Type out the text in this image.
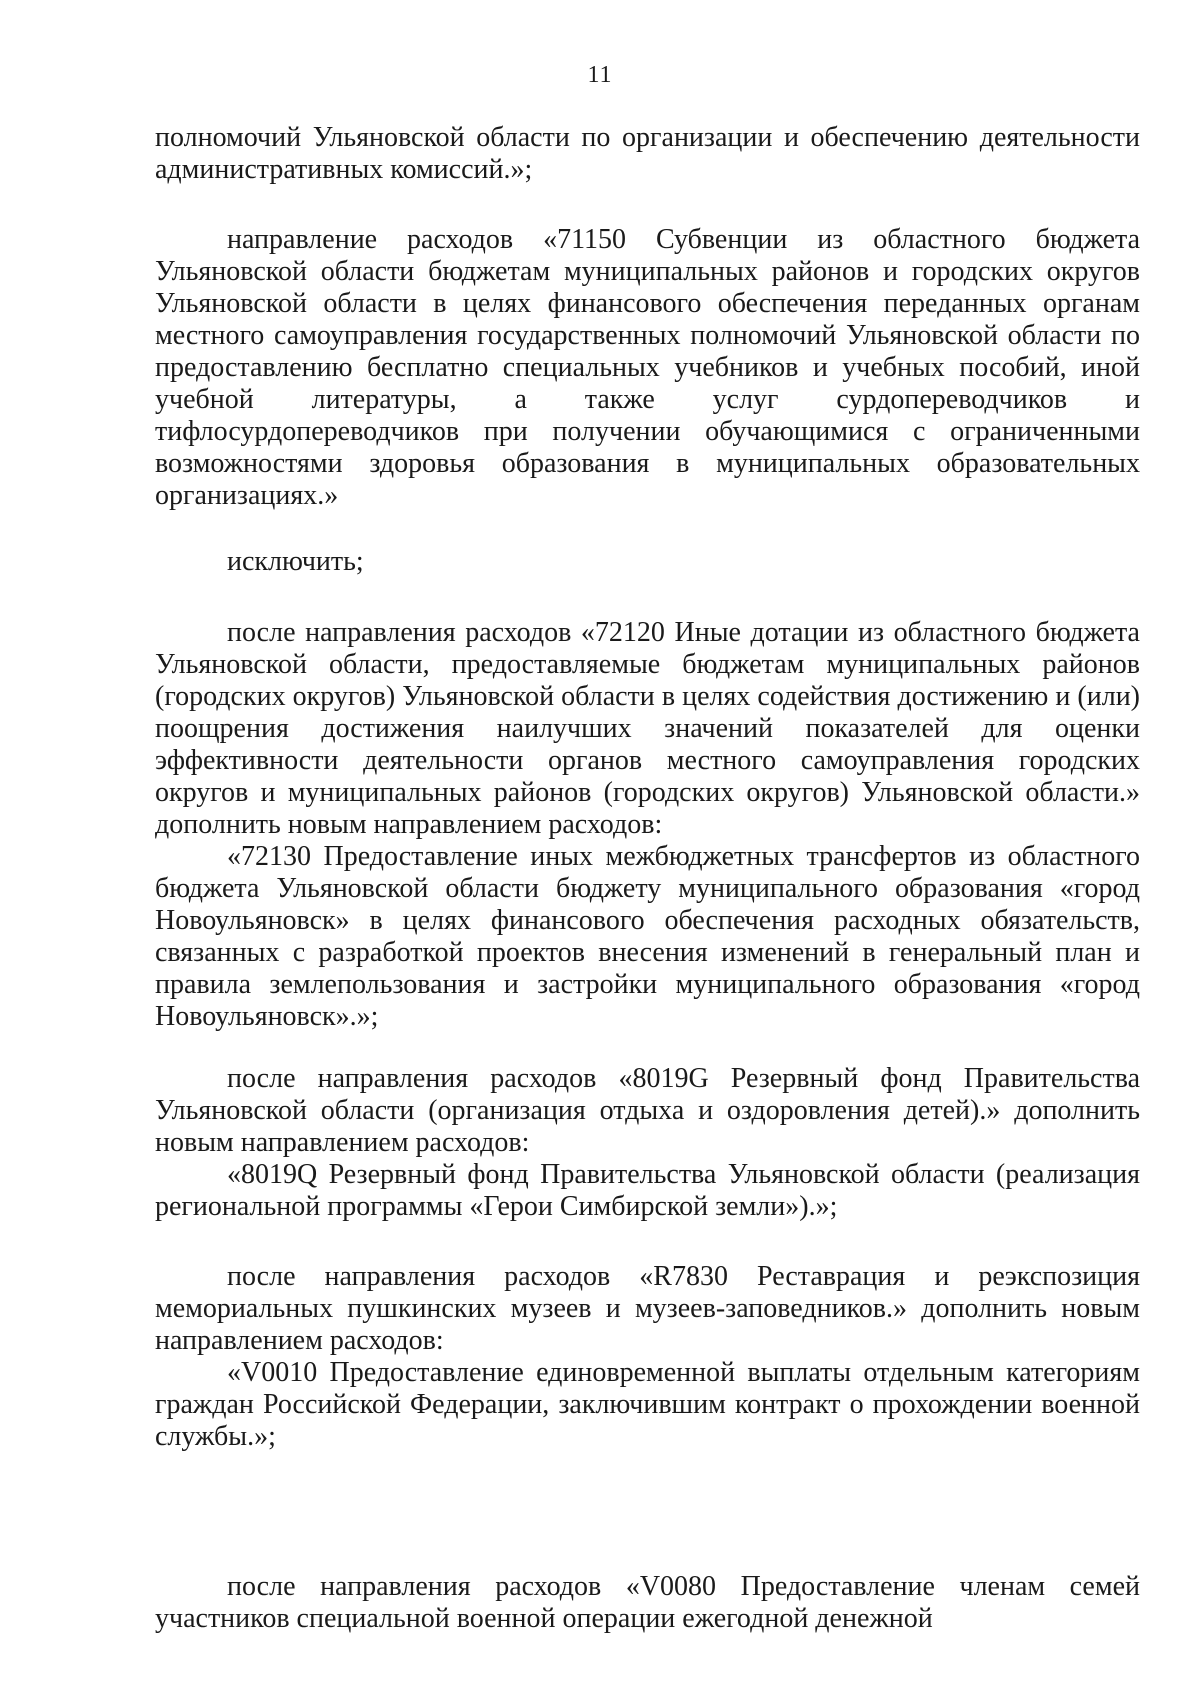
11

полномочий Ульяновской области по организации и обеспечению деятельности административных комиссий.»;

направление расходов «71150 Субвенции из областного бюджета Ульяновской области бюджетам муниципальных районов и городских округов Ульяновской области в целях финансового обеспечения переданных органам местного самоуправления государственных полномочий Ульяновской области по предоставлению бесплатно специальных учебников и учебных пособий, иной учебной литературы, а также услуг сурдопереводчиков и тифлосурдопереводчиков при получении обучающимися с ограниченными возможностями здоровья образования в муниципальных образовательных организациях.»

исключить;

после направления расходов «72120 Иные дотации из областного бюджета Ульяновской области, предоставляемые бюджетам муниципальных районов (городских округов) Ульяновской области в целях содействия достижению и (или) поощрения достижения наилучших значений показателей для оценки эффективности деятельности органов местного самоуправления городских округов и муниципальных районов (городских округов) Ульяновской области.» дополнить новым направлением расходов:

«72130 Предоставление иных межбюджетных трансфертов из областного бюджета Ульяновской области бюджету муниципального образования «город Новоульяновск» в целях финансового обеспечения расходных обязательств, связанных с разработкой проектов внесения изменений в генеральный план и правила землепользования и застройки муниципального образования «город Новоульяновск».»;

после направления расходов «8019G Резервный фонд Правительства Ульяновской области (организация отдыха и оздоровления детей).» дополнить новым направлением расходов:

«8019Q Резервный фонд Правительства Ульяновской области (реализация региональной программы «Герои Симбирской земли»).»;

после направления расходов «R7830 Реставрация и реэкспозиция мемориальных пушкинских музеев и музеев-заповедников.» дополнить новым направлением расходов:

«V0010 Предоставление единовременной выплаты отдельным категориям граждан Российской Федерации, заключившим контракт о прохождении военной службы.»;

после направления расходов «V0080 Предоставление членам семей участников специальной военной операции ежегодной денежной
